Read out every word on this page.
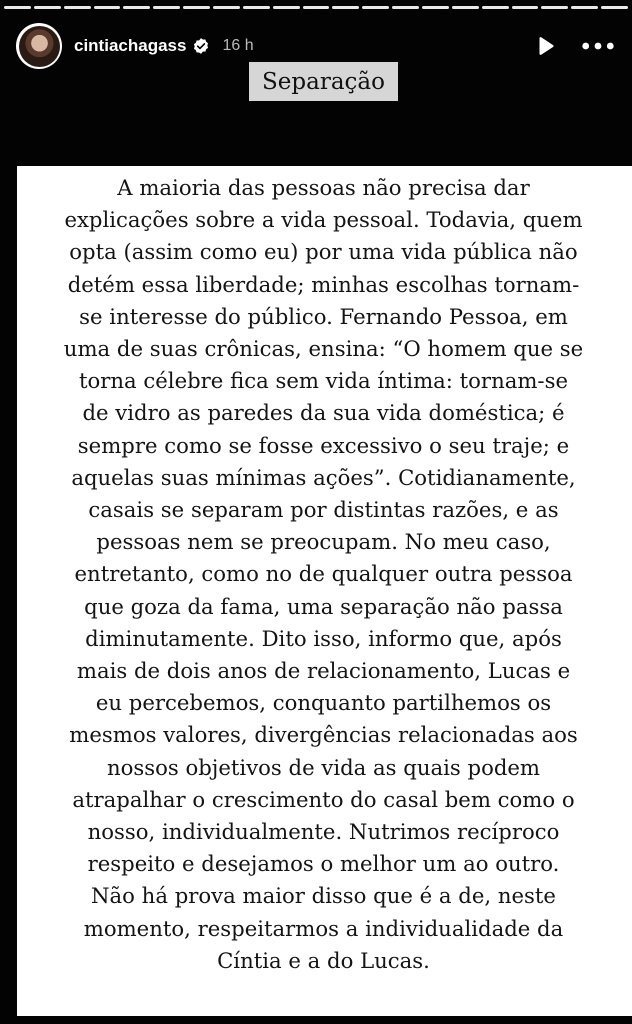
cintiachagass 16 h
Separação

A maioria das pessoas não precisa dar
explicações sobre a vida pessoal. Todavia, quem
opta (assim como eu) por uma vida pública não
detém essa liberdade; minhas escolhas tornam-
se interesse do público. Fernando Pessoa, em
uma de suas crônicas, ensina: “O homem que se
torna célebre fica sem vida íntima: tornam-se
de vidro as paredes da sua vida doméstica; é
sempre como se fosse excessivo o seu traje; e
aquelas suas mínimas ações”. Cotidianamente,
casais se separam por distintas razões, e as
pessoas nem se preocupam. No meu caso,
entretanto, como no de qualquer outra pessoa
que goza da fama, uma separação não passa
diminutamente. Dito isso, informo que, após
mais de dois anos de relacionamento, Lucas e
eu percebemos, conquanto partilhemos os
mesmos valores, divergências relacionadas aos
nossos objetivos de vida as quais podem
atrapalhar o crescimento do casal bem como o
nosso, individualmente. Nutrimos recíproco
respeito e desejamos o melhor um ao outro.
Não há prova maior disso que é a de, neste
momento, respeitarmos a individualidade da
Cíntia e a do Lucas.
